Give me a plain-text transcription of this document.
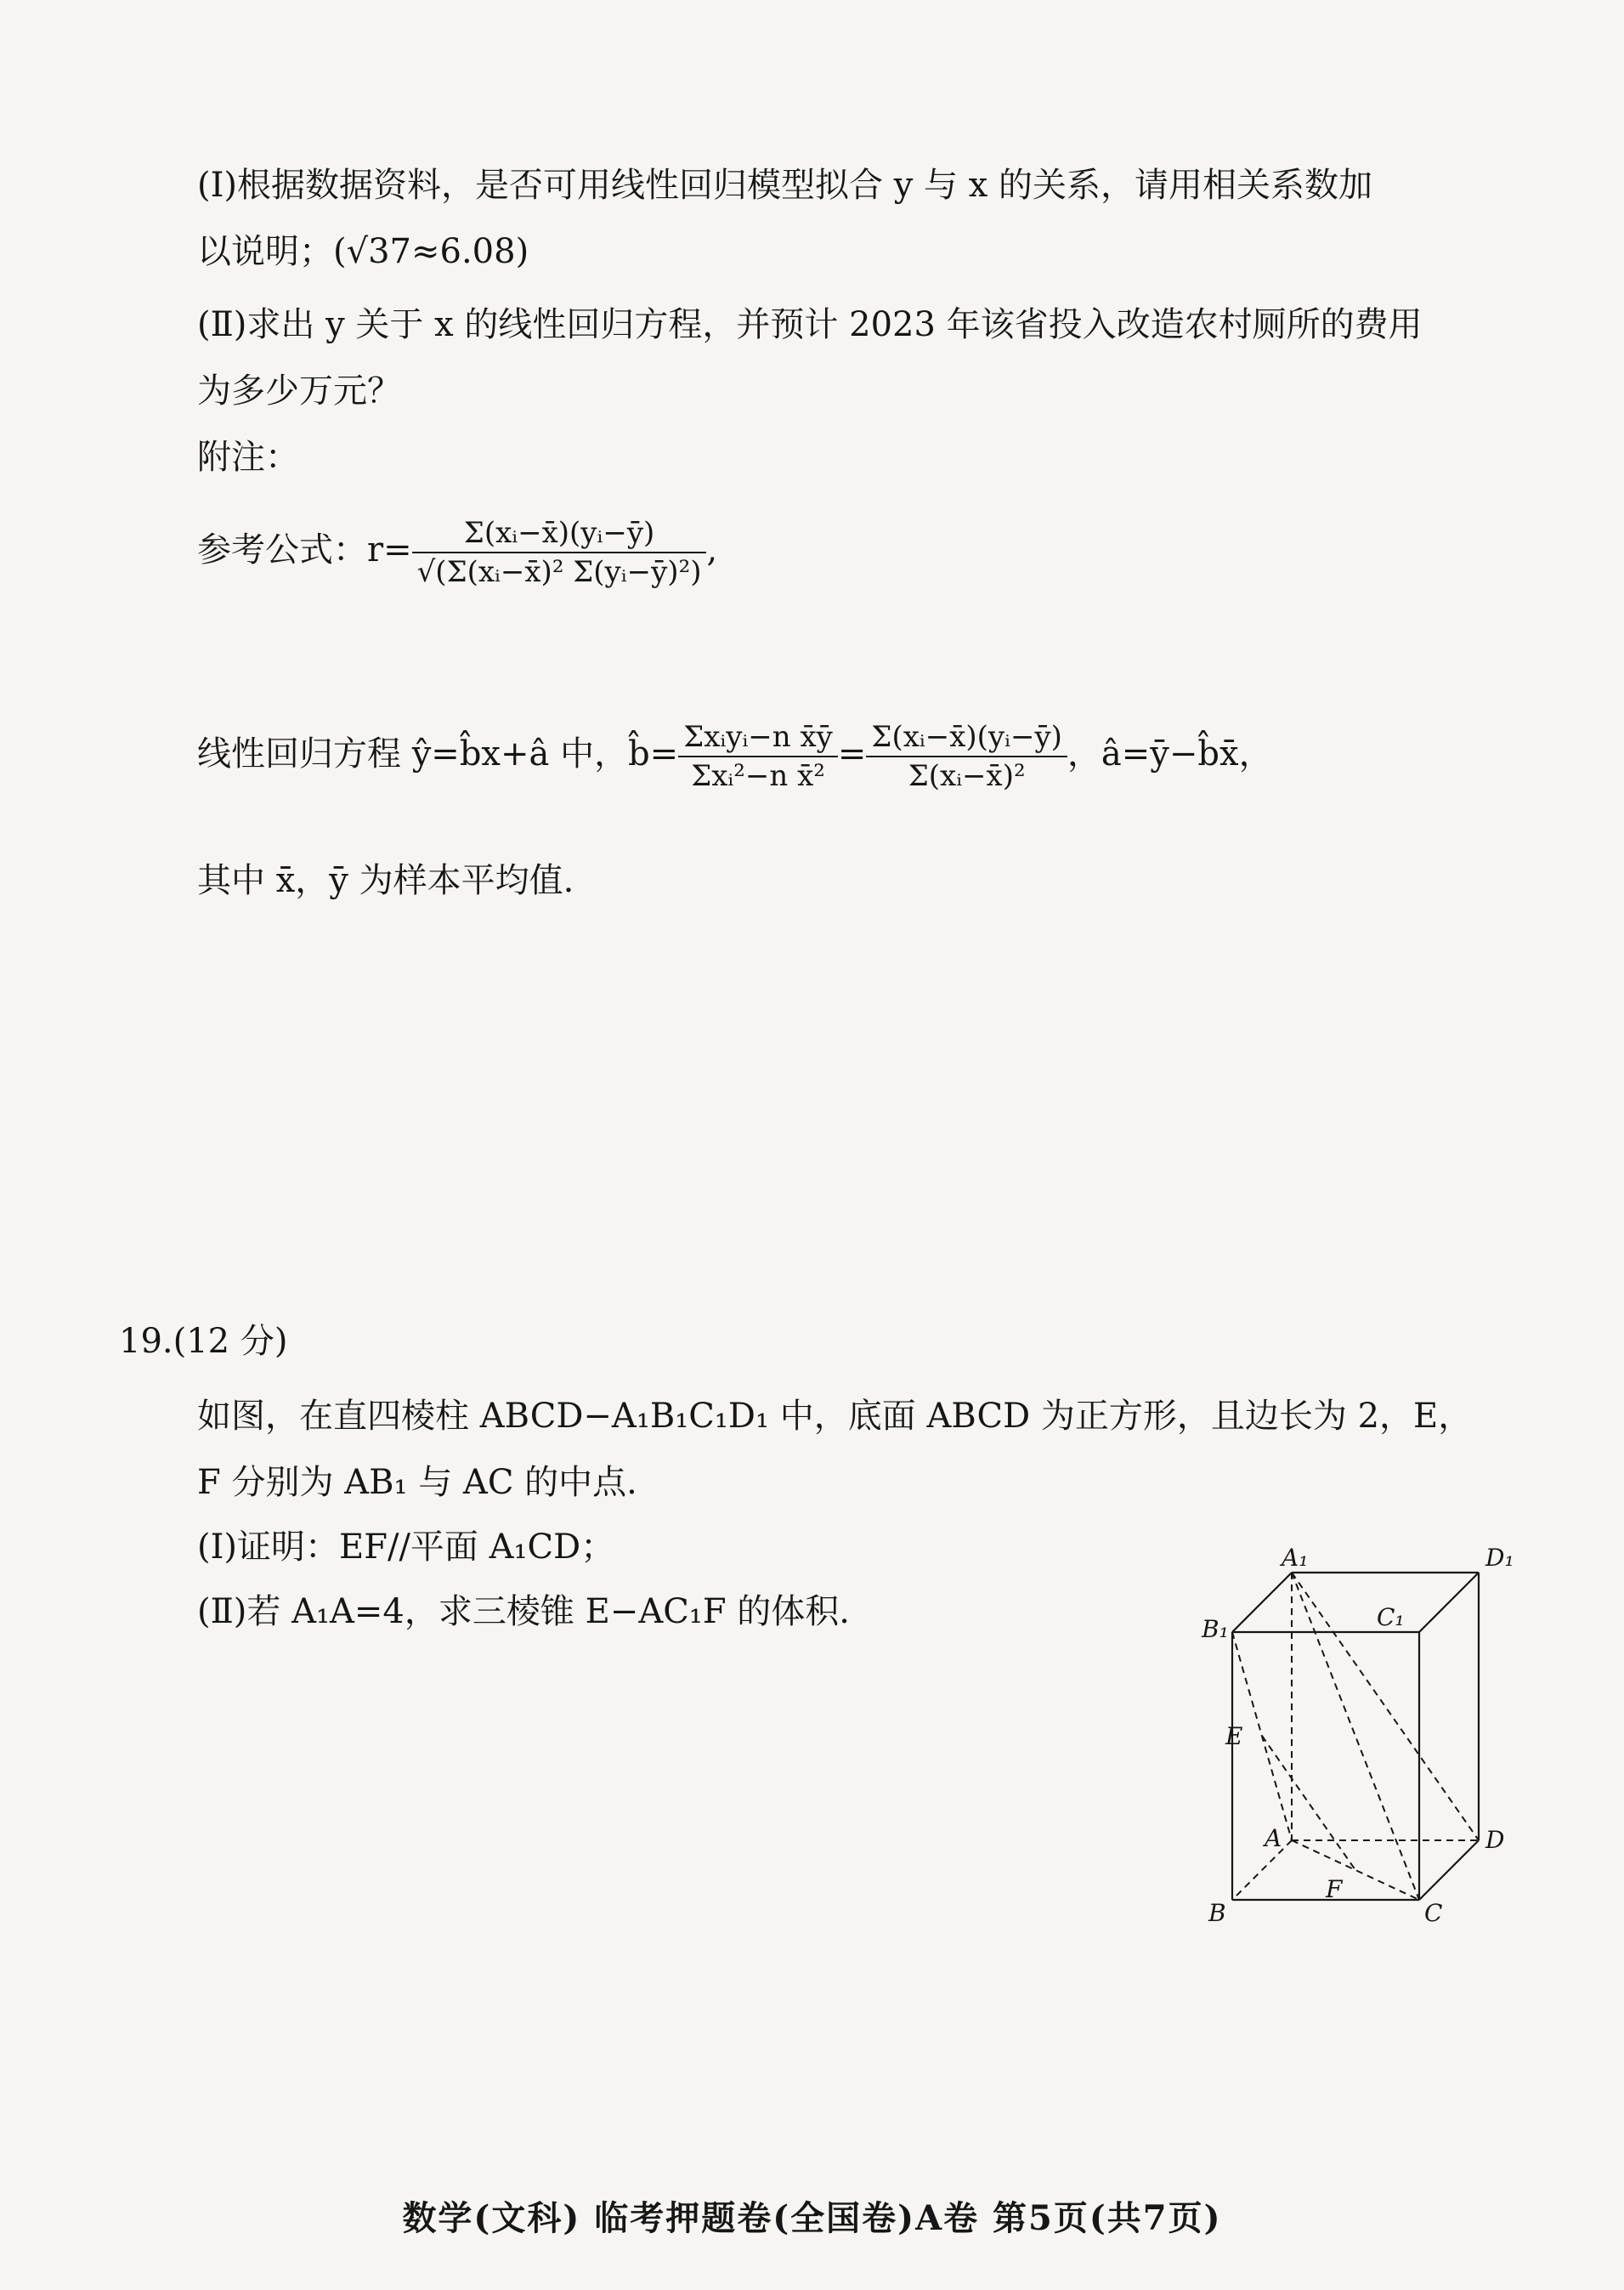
(Ⅰ)根据数据资料，是否可用线性回归模型拟合 y 与 x 的关系，请用相关系数加
以说明；(√37≈6.08)
(Ⅱ)求出 y 关于 x 的线性回归方程，并预计 2023 年该省投入改造农村厕所的费用
为多少万元？
附注：
参考公式：$r= \frac{\text{Σ(xᵢ−x̄)(yᵢ−ȳ)}}{\text{√(Σ(xᵢ−x̄)² Σ(yᵢ−ȳ)²)}}$ ,
线性回归方程 ŷ=b̂x+â 中，b̂= $\frac{\text{Σxᵢyᵢ−n x̄ȳ}}{\text{Σxᵢ²−n x̄²}} = \frac{\text{Σ(xᵢ−x̄)(yᵢ−ȳ)}}{\text{Σ(xᵢ−x̄)²}}$ ，â=ȳ−b̂x̄，
其中 x̄，ȳ 为样本平均值.
19.(12 分)
如图，在直四棱柱 ABCD−A₁B₁C₁D₁ 中，底面 ABCD 为正方形，且边长为 2，E，
F 分别为 AB₁ 与 AC 的中点.
(Ⅰ)证明：EF//平面 A₁CD；
(Ⅱ)若 A₁A=4，求三棱锥 E−AC₁F 的体积.
A₁	D₁
B₁	C₁
E
A	D
F
B	C
数学(文科) 临考押题卷(全国卷)A卷 第5页(共7页)
